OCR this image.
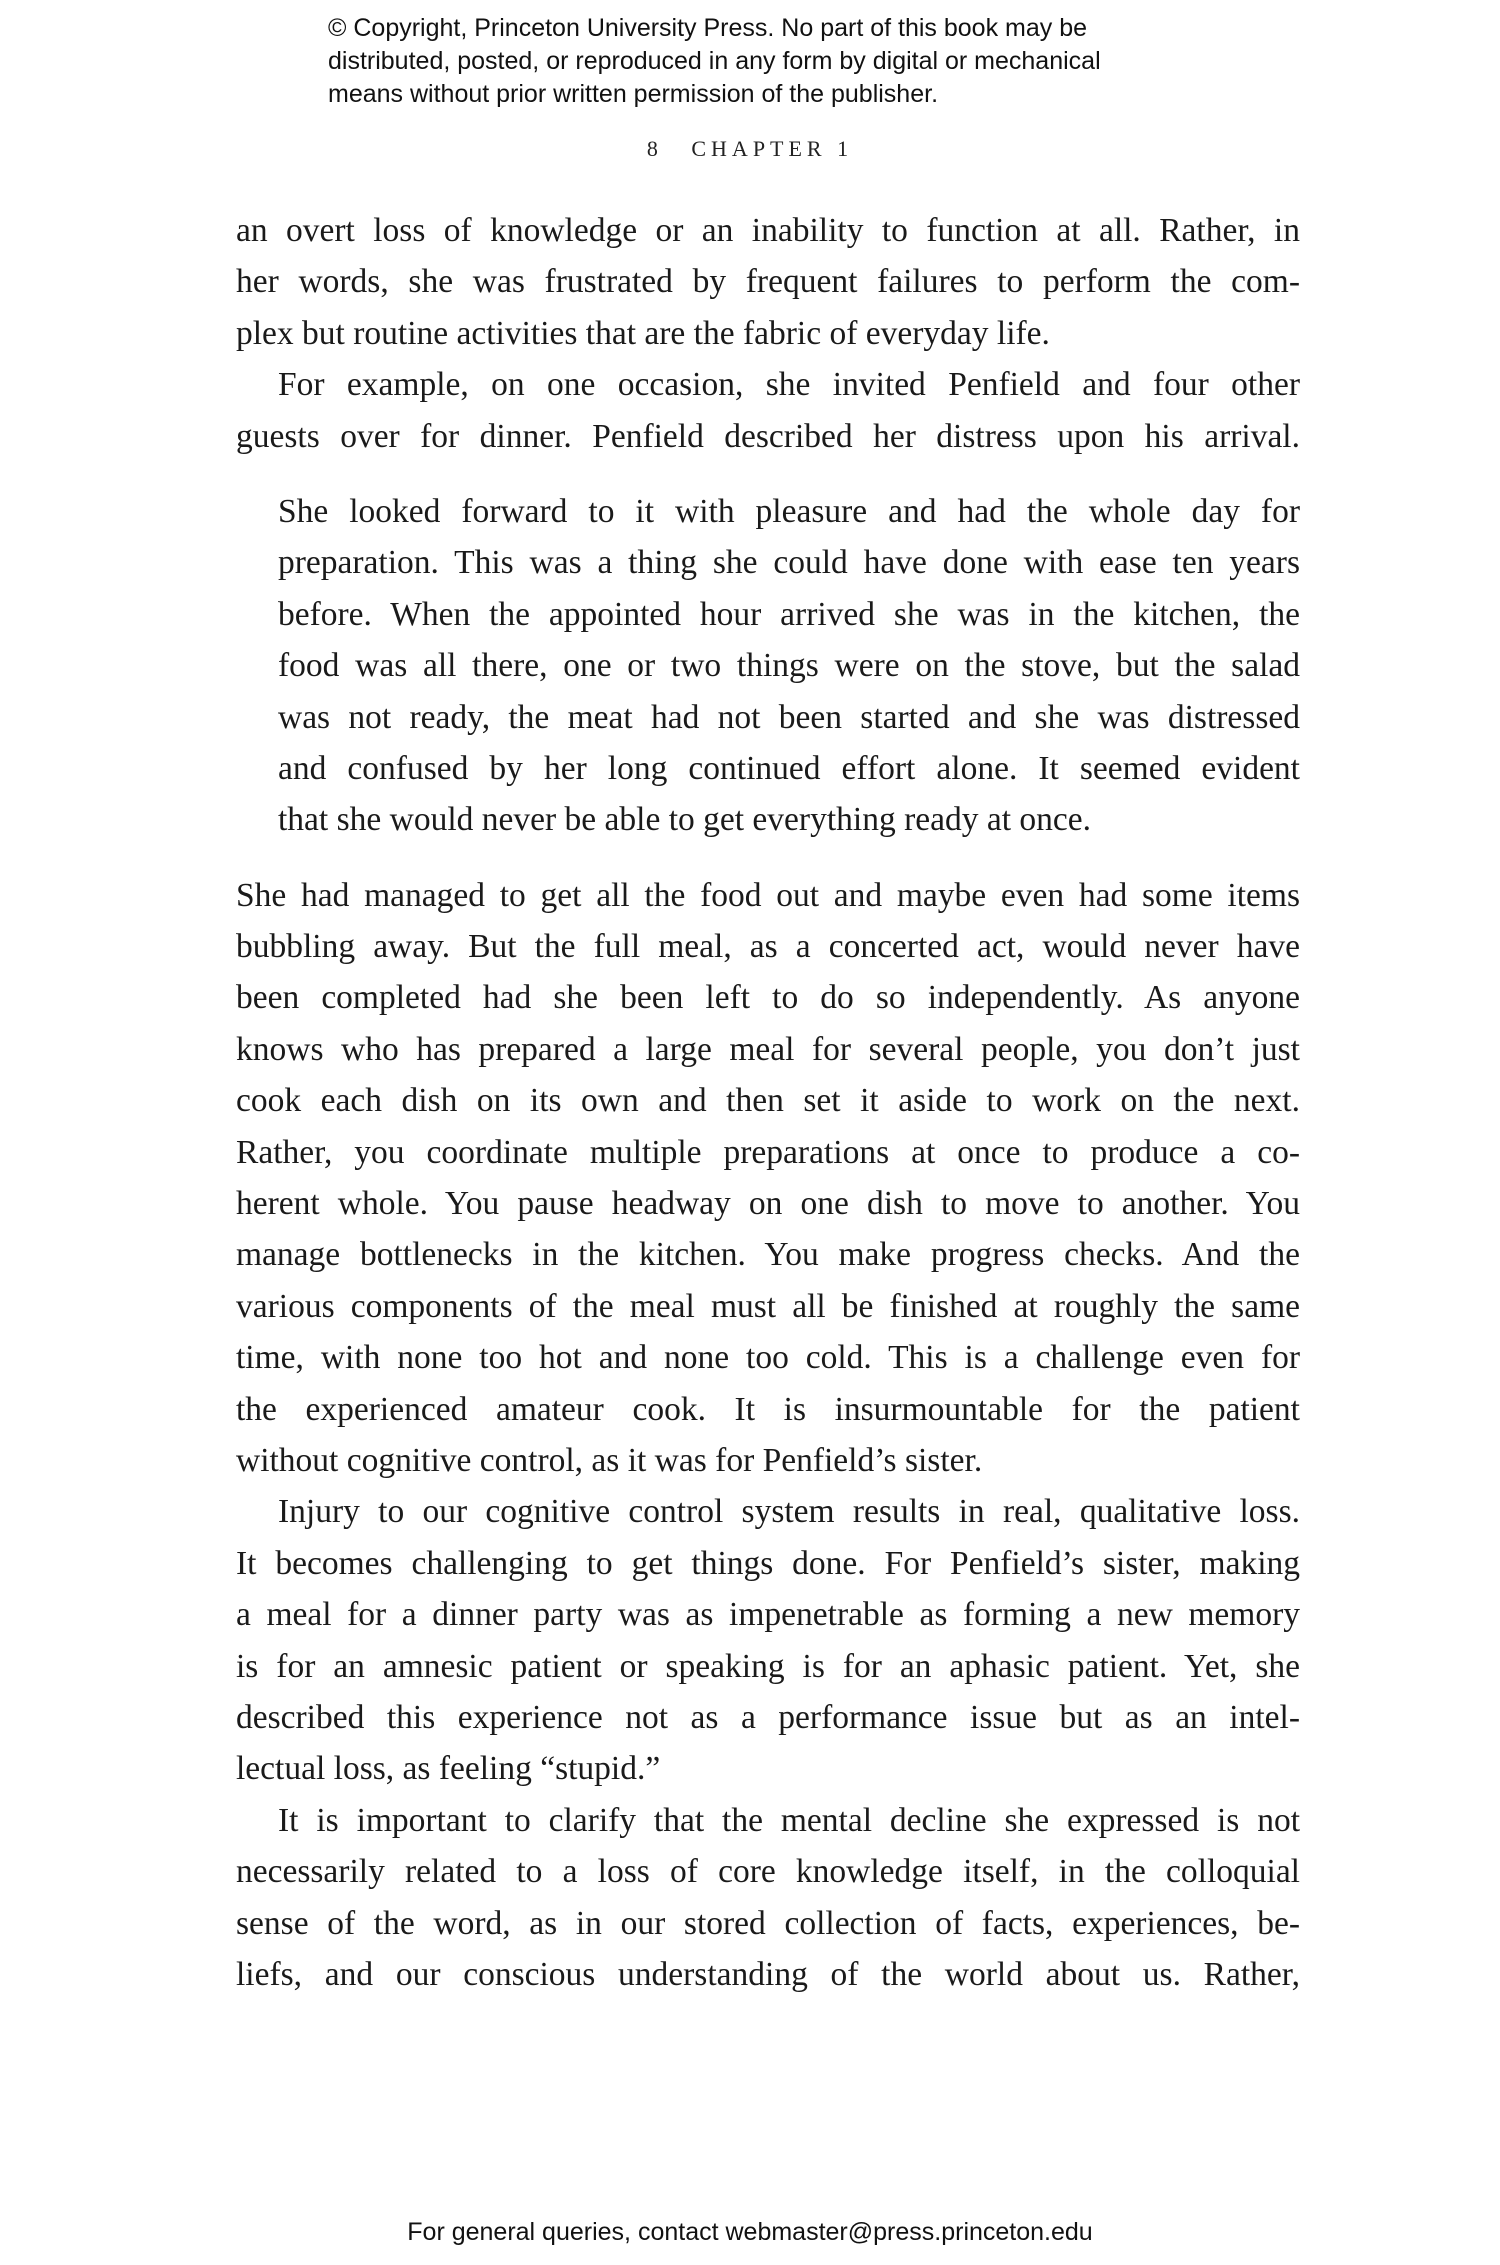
© Copyright, Princeton University Press. No part of this book may be
distributed, posted, or reproduced in any form by digital or mechanical
means without prior written permission of the publisher.
8 CHAPTER 1
an overt loss of knowledge or an inability to function at all. Rather, in
her words, she was frustrated by frequent failures to perform the com-
plex but routine activities that are the fabric of everyday life.
For example, on one occasion, she invited Penfield and four other
guests over for dinner. Penfield described her distress upon his arrival.
She looked forward to it with pleasure and had the whole day for
preparation. This was a thing she could have done with ease ten years
before. When the appointed hour arrived she was in the kitchen, the
food was all there, one or two things were on the stove, but the salad
was not ready, the meat had not been started and she was distressed
and confused by her long continued effort alone. It seemed evident
that she would never be able to get everything ready at once.
She had managed to get all the food out and maybe even had some items
bubbling away. But the full meal, as a concerted act, would never have
been completed had she been left to do so independently. As anyone
knows who has prepared a large meal for several people, you don’t just
cook each dish on its own and then set it aside to work on the next.
Rather, you coordinate multiple preparations at once to produce a co-
herent whole. You pause headway on one dish to move to another. You
manage bottlenecks in the kitchen. You make progress checks. And the
various components of the meal must all be finished at roughly the same
time, with none too hot and none too cold. This is a challenge even for
the experienced amateur cook. It is insurmountable for the patient
without cognitive control, as it was for Penfield’s sister.
Injury to our cognitive control system results in real, qualitative loss.
It becomes challenging to get things done. For Penfield’s sister, making
a meal for a dinner party was as impenetrable as forming a new memory
is for an amnesic patient or speaking is for an aphasic patient. Yet, she
described this experience not as a performance issue but as an intel-
lectual loss, as feeling “stupid.”
It is important to clarify that the mental decline she expressed is not
necessarily related to a loss of core knowledge itself, in the colloquial
sense of the word, as in our stored collection of facts, experiences, be-
liefs, and our conscious understanding of the world about us. Rather,
For general queries, contact webmaster@press.princeton.edu
